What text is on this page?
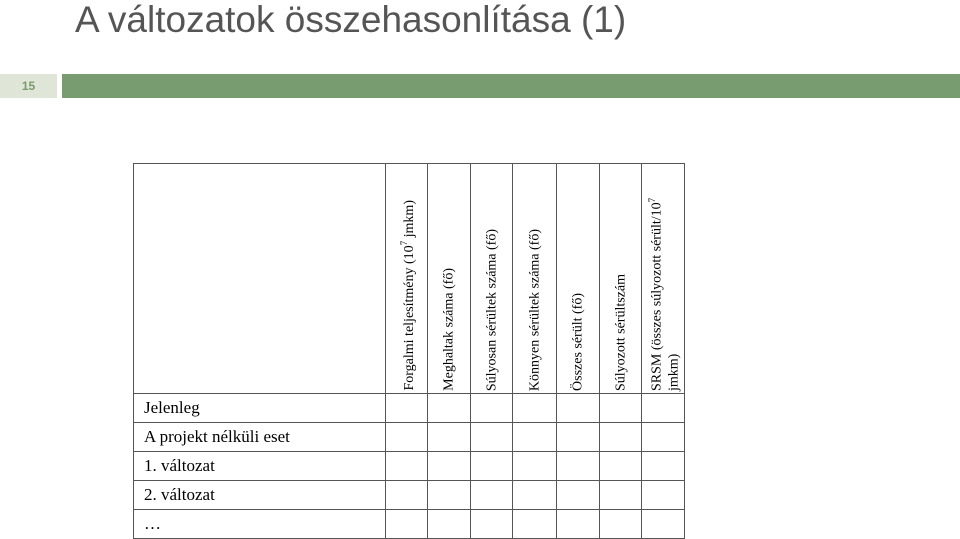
A változatok összehasonlítása (1)
15

	Forgalmi teljesítmény ($10^7$ jmkm)	Meghaltak száma (fő)	Súlyosan sérültek száma (fő)	Könnyen sérültek száma (fő)	Összes sérült (fő)	Súlyozott sérültszám	SRSM (összes súlyozott sérült/$10^7$ jmkm)

Jelenleg							
A projekt nélküli eset							
1. változat							
2. változat							
…							
